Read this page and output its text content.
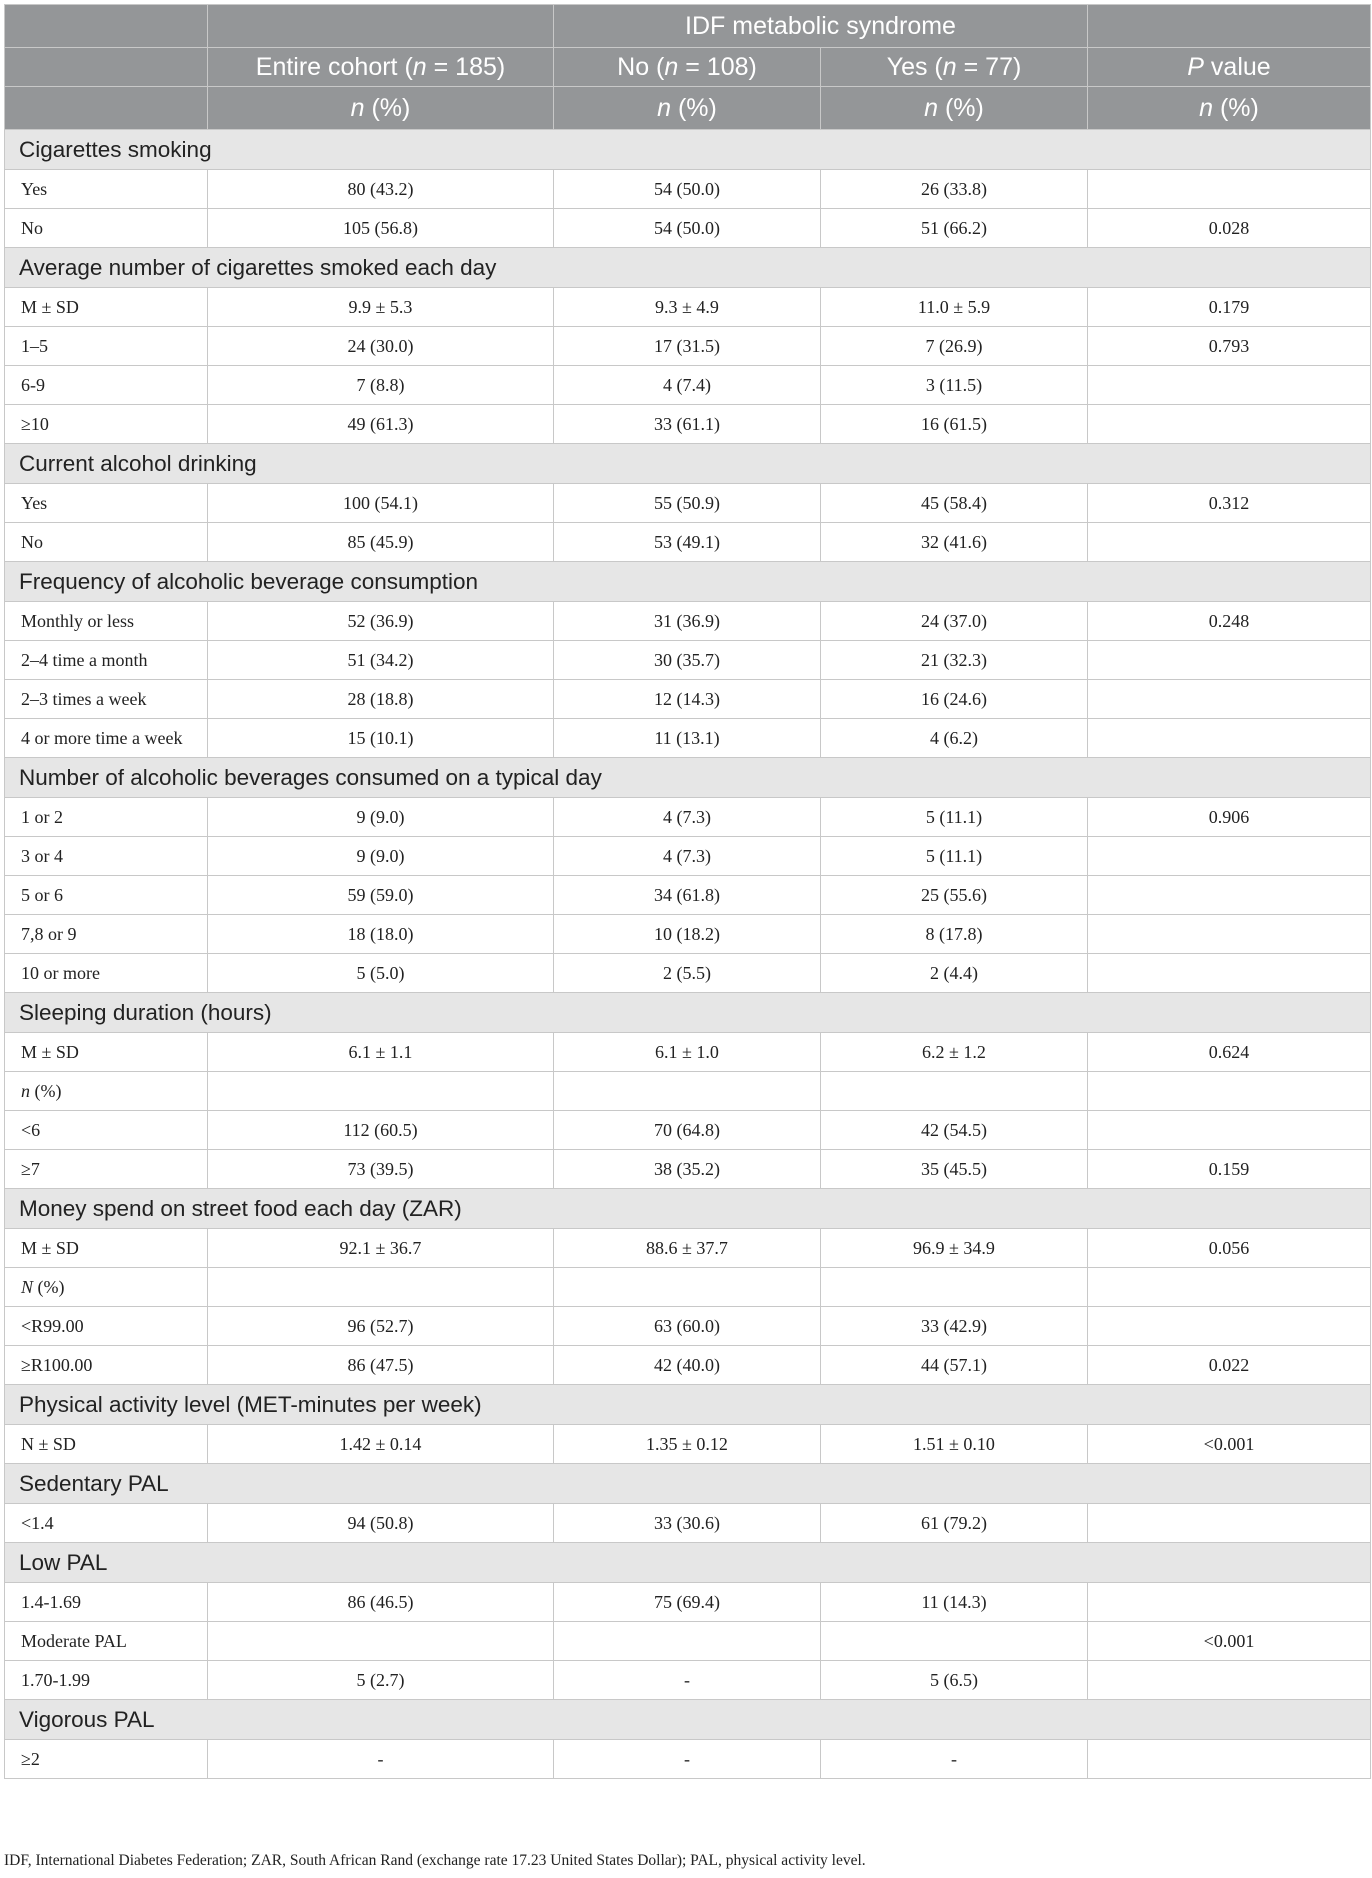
		IDF metabolic syndrome		
	Entire cohort (n = 185)	No (n = 108)	Yes (n = 77)	P value
	n (%)	n (%)	n (%)	n (%)
Cigarettes smoking				
Yes	80 (43.2)	54 (50.0)	26 (33.8)	
No	105 (56.8)	54 (50.0)	51 (66.2)	0.028
Average number of cigarettes smoked each day				
M ± SD	9.9 ± 5.3	9.3 ± 4.9	11.0 ± 5.9	0.179
1–5	24 (30.0)	17 (31.5)	7 (26.9)	0.793
6-9	7 (8.8)	4 (7.4)	3 (11.5)	
≥10	49 (61.3)	33 (61.1)	16 (61.5)	
Current alcohol drinking				
Yes	100 (54.1)	55 (50.9)	45 (58.4)	0.312
No	85 (45.9)	53 (49.1)	32 (41.6)	
Frequency of alcoholic beverage consumption				
Monthly or less	52 (36.9)	31 (36.9)	24 (37.0)	0.248
2–4 time a month	51 (34.2)	30 (35.7)	21 (32.3)	
2–3 times a week	28 (18.8)	12 (14.3)	16 (24.6)	
4 or more time a week	15 (10.1)	11 (13.1)	4 (6.2)	
Number of alcoholic beverages consumed on a typical day				
1 or 2	9 (9.0)	4 (7.3)	5 (11.1)	0.906
3 or 4	9 (9.0)	4 (7.3)	5 (11.1)	
5 or 6	59 (59.0)	34 (61.8)	25 (55.6)	
7,8 or 9	18 (18.0)	10 (18.2)	8 (17.8)	
10 or more	5 (5.0)	2 (5.5)	2 (4.4)	
Sleeping duration (hours)				
M ± SD	6.1 ± 1.1	6.1 ± 1.0	6.2 ± 1.2	0.624
n (%)				
<6	112 (60.5)	70 (64.8)	42 (54.5)	
≥7	73 (39.5)	38 (35.2)	35 (45.5)	0.159
Money spend on street food each day (ZAR)				
M ± SD	92.1 ± 36.7	88.6 ± 37.7	96.9 ± 34.9	0.056
N (%)				
<R99.00	96 (52.7)	63 (60.0)	33 (42.9)	
≥R100.00	86 (47.5)	42 (40.0)	44 (57.1)	0.022
Physical activity level (MET-minutes per week)				
N ± SD	1.42 ± 0.14	1.35 ± 0.12	1.51 ± 0.10	<0.001
Sedentary PAL				
<1.4	94 (50.8)	33 (30.6)	61 (79.2)	
Low PAL				
1.4-1.69	86 (46.5)	75 (69.4)	11 (14.3)	
Moderate PAL				<0.001
1.70-1.99	5 (2.7)	-	5 (6.5)	
Vigorous PAL				
≥2	-	-	-	
IDF, International Diabetes Federation; ZAR, South African Rand (exchange rate 17.23 United States Dollar); PAL, physical activity level.
